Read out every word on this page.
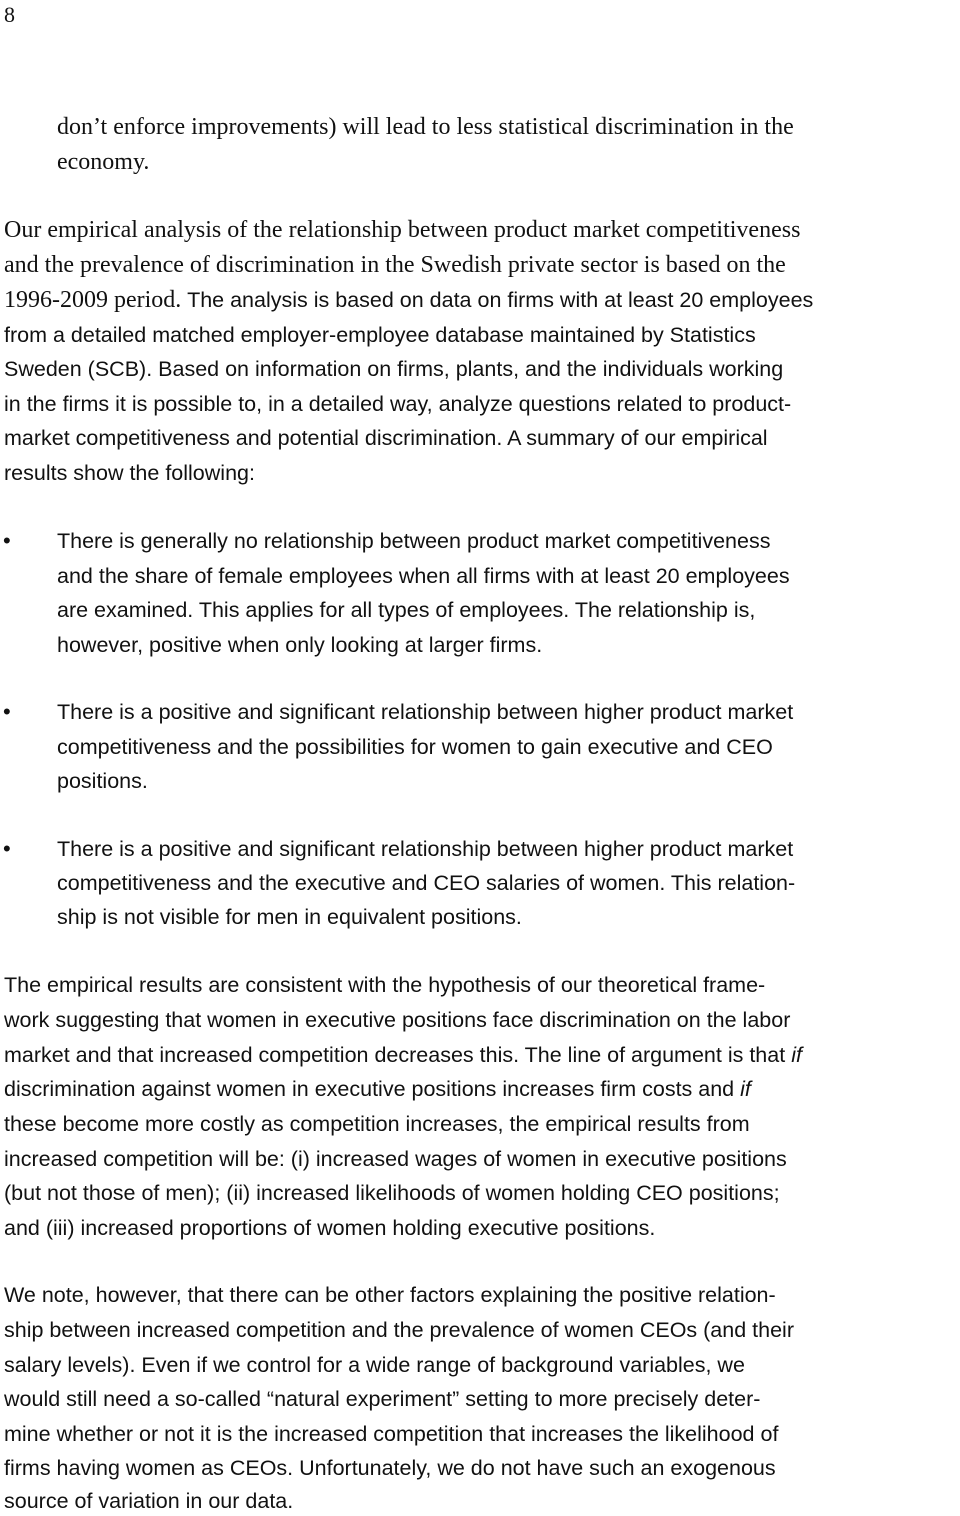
8
don’t enforce improvements) will lead to less statistical discrimination in the
economy.
Our empirical analysis of the relationship between product market competitiveness
and the prevalence of discrimination in the Swedish private sector is based on the
1996-2009 period. The analysis is based on data on firms with at least 20 employees
from a detailed matched employer-employee database maintained by Statistics
Sweden (SCB). Based on information on firms, plants, and the individuals working
in the firms it is possible to, in a detailed way, analyze questions related to product-
market competitiveness and potential discrimination. A summary of our empirical
results show the following:
• There is generally no relationship between product market competitiveness
and the share of female employees when all firms with at least 20 employees
are examined. This applies for all types of employees. The relationship is,
however, positive when only looking at larger firms.
• There is a positive and significant relationship between higher product market
competitiveness and the possibilities for women to gain executive and CEO
positions.
• There is a positive and significant relationship between higher product market
competitiveness and the executive and CEO salaries of women. This relation-
ship is not visible for men in equivalent positions.
The empirical results are consistent with the hypothesis of our theoretical frame-
work suggesting that women in executive positions face discrimination on the labor
market and that increased competition decreases this. The line of argument is that if
discrimination against women in executive positions increases firm costs and if
these become more costly as competition increases, the empirical results from
increased competition will be: (i) increased wages of women in executive positions
(but not those of men); (ii) increased likelihoods of women holding CEO positions;
and (iii) increased proportions of women holding executive positions.
We note, however, that there can be other factors explaining the positive relation-
ship between increased competition and the prevalence of women CEOs (and their
salary levels). Even if we control for a wide range of background variables, we
would still need a so-called “natural experiment” setting to more precisely deter-
mine whether or not it is the increased competition that increases the likelihood of
firms having women as CEOs. Unfortunately, we do not have such an exogenous
source of variation in our data.
